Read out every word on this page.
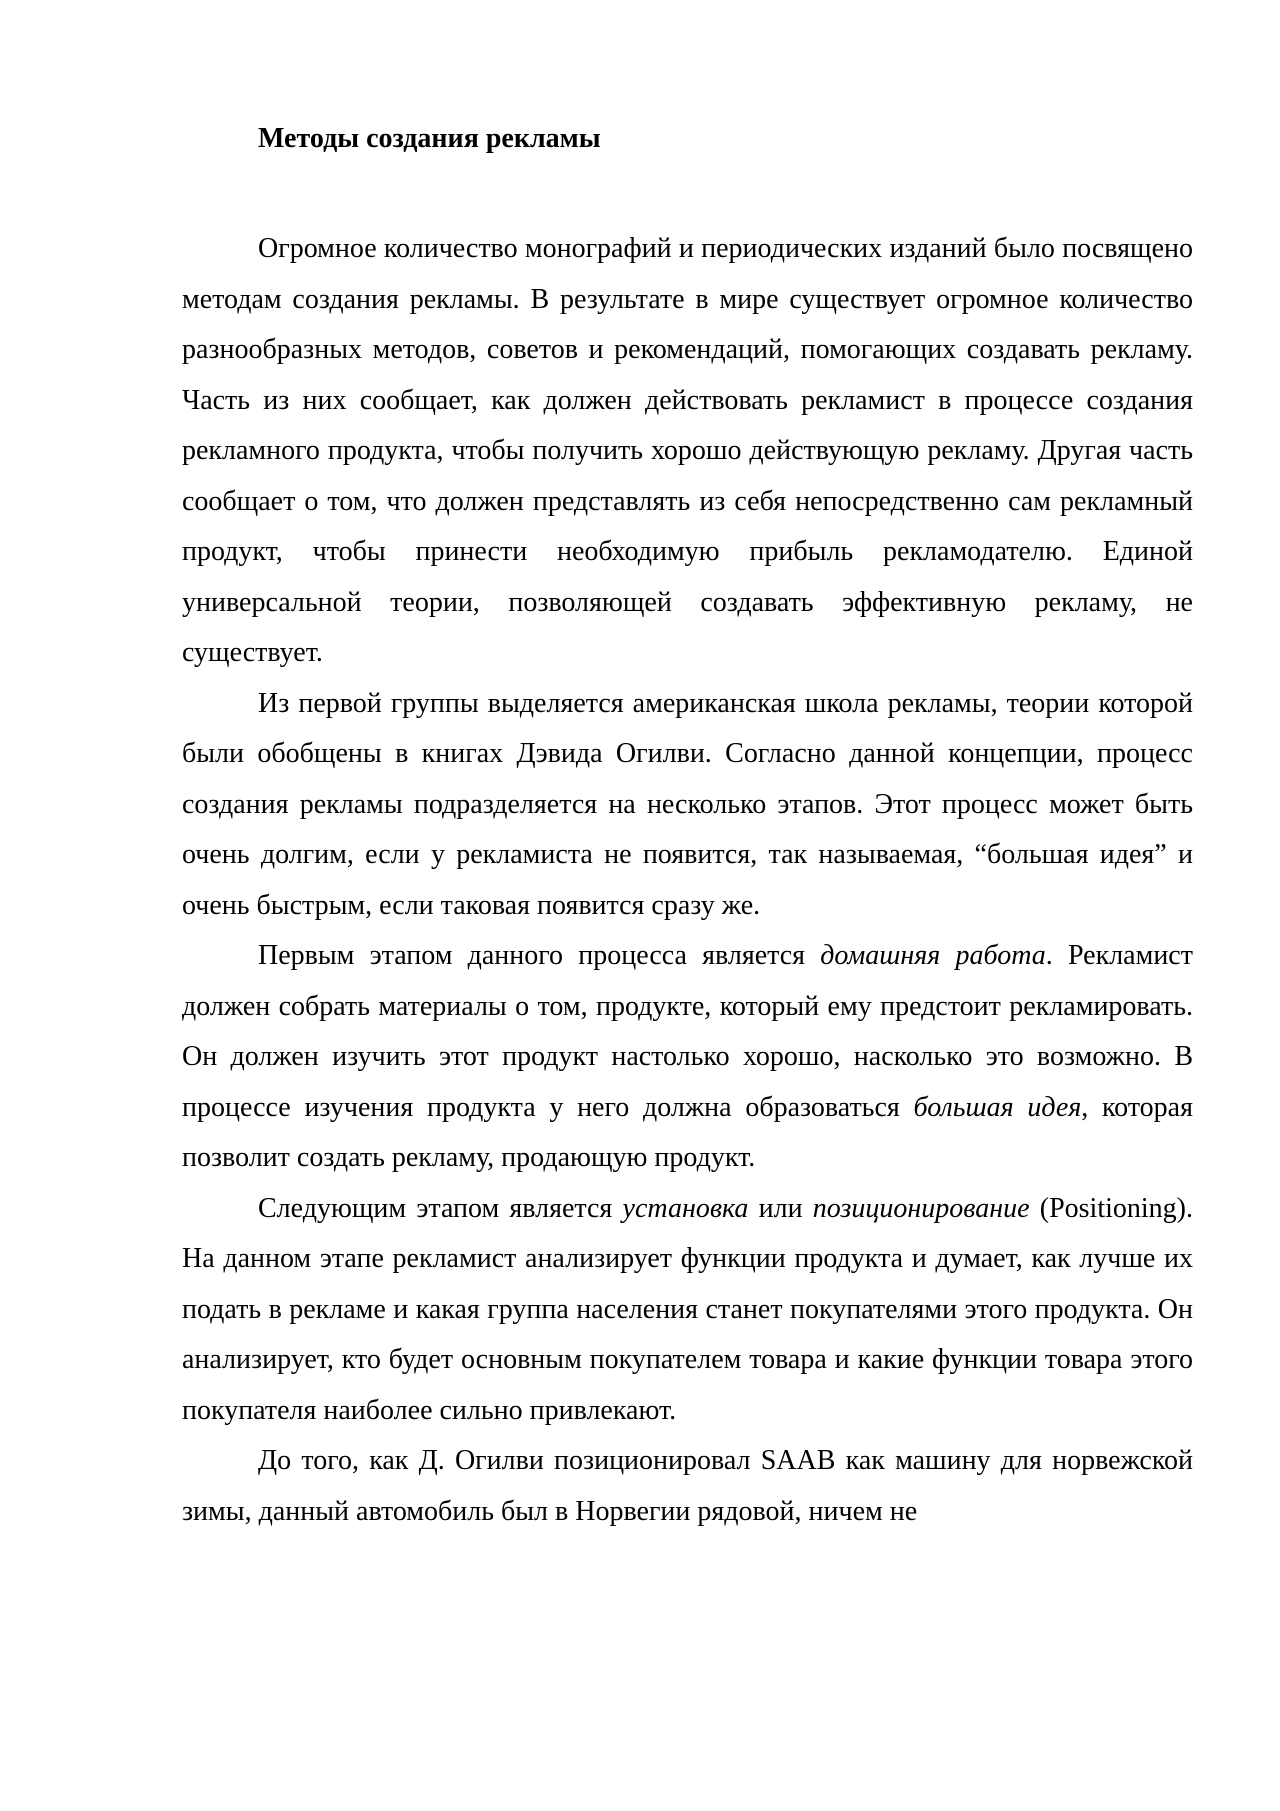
Методы создания рекламы

Огромное количество монографий и периодических изданий было посвящено методам создания рекламы. В результате в мире существует огромное количество разнообразных методов, советов и рекомендаций, помогающих создавать рекламу. Часть из них сообщает, как должен действовать рекламист в процессе создания рекламного продукта, чтобы получить хорошо действующую рекламу. Другая часть сообщает о том, что должен представлять из себя непосредственно сам рекламный продукт, чтобы принести необходимую прибыль рекламодателю. Единой универсальной теории, позволяющей создавать эффективную рекламу, не существует.

Из первой группы выделяется американская школа рекламы, теории которой были обобщены в книгах Дэвида Огилви. Согласно данной концепции, процесс создания рекламы подразделяется на несколько этапов. Этот процесс может быть очень долгим, если у рекламиста не появится, так называемая, “большая идея” и очень быстрым, если таковая появится сразу же.

Первым этапом данного процесса является домашняя работа. Рекламист должен собрать материалы о том, продукте, который ему предстоит рекламировать. Он должен изучить этот продукт настолько хорошо, насколько это возможно. В процессе изучения продукта у него должна образоваться большая идея, которая позволит создать рекламу, продающую продукт.

Следующим этапом является установка или позиционирование (Positioning). На данном этапе рекламист анализирует функции продукта и думает, как лучше их подать в рекламе и какая группа населения станет покупателями этого продукта. Он анализирует, кто будет основным покупателем товара и какие функции товара этого покупателя наиболее сильно привлекают.

До того, как Д. Огилви позиционировал SAAB как машину для норвежской зимы, данный автомобиль был в Норвегии рядовой, ничем не
